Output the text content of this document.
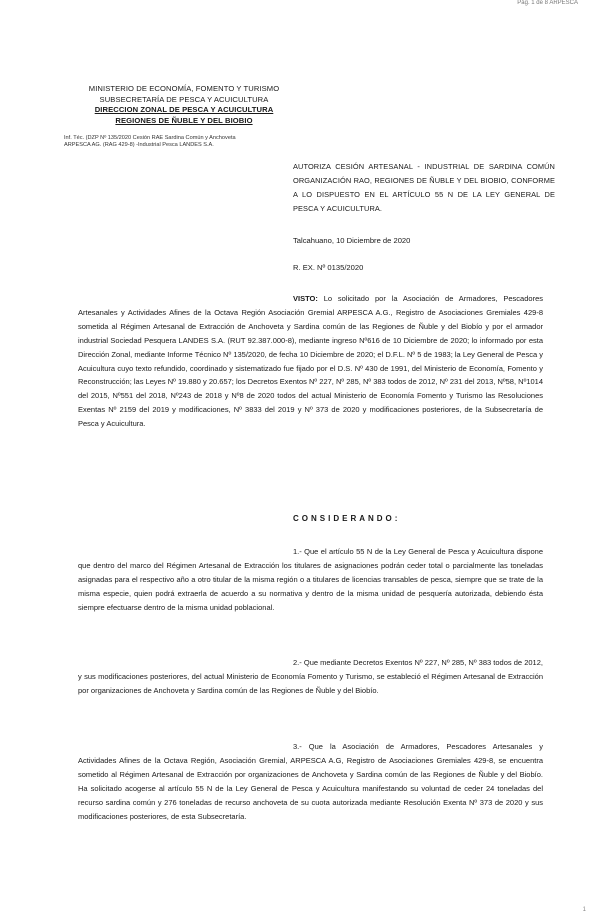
Pág. 1 de 8 ARPESCA
MINISTERIO DE ECONOMÍA, FOMENTO Y TURISMO
SUBSECRETARÍA DE PESCA Y ACUICULTURA
DIRECCION ZONAL DE PESCA Y ACUICULTURA
REGIONES DE ÑUBLE Y DEL BIOBIO
Inf. Téc. (DZP Nº 135/2020 Cesión RAE Sardina Común y Anchoveta
ARPESCA AG. (RAG 429-8) -Industrial Pesca LANDES S.A.
AUTORIZA CESIÓN ARTESANAL - INDUSTRIAL DE SARDINA COMÚN ORGANIZACIÓN RAO, REGIONES DE ÑUBLE Y DEL BIOBIO, CONFORME A LO DISPUESTO EN EL ARTÍCULO 55 N DE LA LEY GENERAL DE PESCA Y ACUICULTURA.
Talcahuano, 10 Diciembre de 2020
R. EX. Nº 0135/2020
VISTO: Lo solicitado por la Asociación de Armadores, Pescadores Artesanales y Actividades Afines de la Octava Región Asociación Gremial ARPESCA A.G., Registro de Asociaciones Gremiales 429-8 sometida al Régimen Artesanal de Extracción de Anchoveta y Sardina común de las Regiones de Ñuble y del Biobío y por el armador industrial Sociedad Pesquera LANDES S.A. (RUT 92.387.000-8), mediante ingreso Nº616 de 10 Diciembre de 2020; lo informado por esta Dirección Zonal, mediante Informe Técnico Nº 135/2020, de fecha 10 Diciembre de 2020; el D.F.L. Nº 5 de 1983; la Ley General de Pesca y Acuicultura cuyo texto refundido, coordinado y sistematizado fue fijado por el D.S. Nº 430 de 1991, del Ministerio de Economía, Fomento y Reconstrucción; las Leyes Nº 19.880 y 20.657; los Decretos Exentos Nº 227, Nº 285, Nº 383 todos de 2012, Nº 231 del 2013, Nº58, Nº1014 del 2015, Nº551 del 2018, Nº243 de 2018 y Nº8 de 2020 todos del actual Ministerio de Economía Fomento y Turismo las Resoluciones Exentas Nº 2159 del 2019 y modificaciones, Nº 3833 del 2019 y Nº 373 de 2020 y modificaciones posteriores, de la Subsecretaría de Pesca y Acuicultura.
CONSIDERANDO:
1.- Que el artículo 55 N de la Ley General de Pesca y Acuicultura dispone que dentro del marco del Régimen Artesanal de Extracción los titulares de asignaciones podrán ceder total o parcialmente las toneladas asignadas para el respectivo año a otro titular de la misma región o a titulares de licencias transables de pesca, siempre que se trate de la misma especie, quien podrá extraerla de acuerdo a su normativa y dentro de la misma unidad de pesquería autorizada, debiendo ésta siempre efectuarse dentro de la misma unidad poblacional.
2.- Que mediante Decretos Exentos Nº 227, Nº 285, Nº 383 todos de 2012, y sus modificaciones posteriores, del actual Ministerio de Economía Fomento y Turismo, se estableció el Régimen Artesanal de Extracción por organizaciones de Anchoveta y Sardina común de las Regiones de Ñuble y del Biobío.
3.- Que la Asociación de Armadores, Pescadores Artesanales y Actividades Afines de la Octava Región, Asociación Gremial, ARPESCA A.G, Registro de Asociaciones Gremiales 429-8, se encuentra sometido al Régimen Artesanal de Extracción por organizaciones de Anchoveta y Sardina común de las Regiones de Ñuble y del Biobío. Ha solicitado acogerse al artículo 55 N de la Ley General de Pesca y Acuicultura manifestando su voluntad de ceder 24 toneladas del recurso sardina común y 276 toneladas de recurso anchoveta de su cuota autorizada mediante Resolución Exenta Nº 373 de 2020 y sus modificaciones posteriores, de esta Subsecretaría.
1
